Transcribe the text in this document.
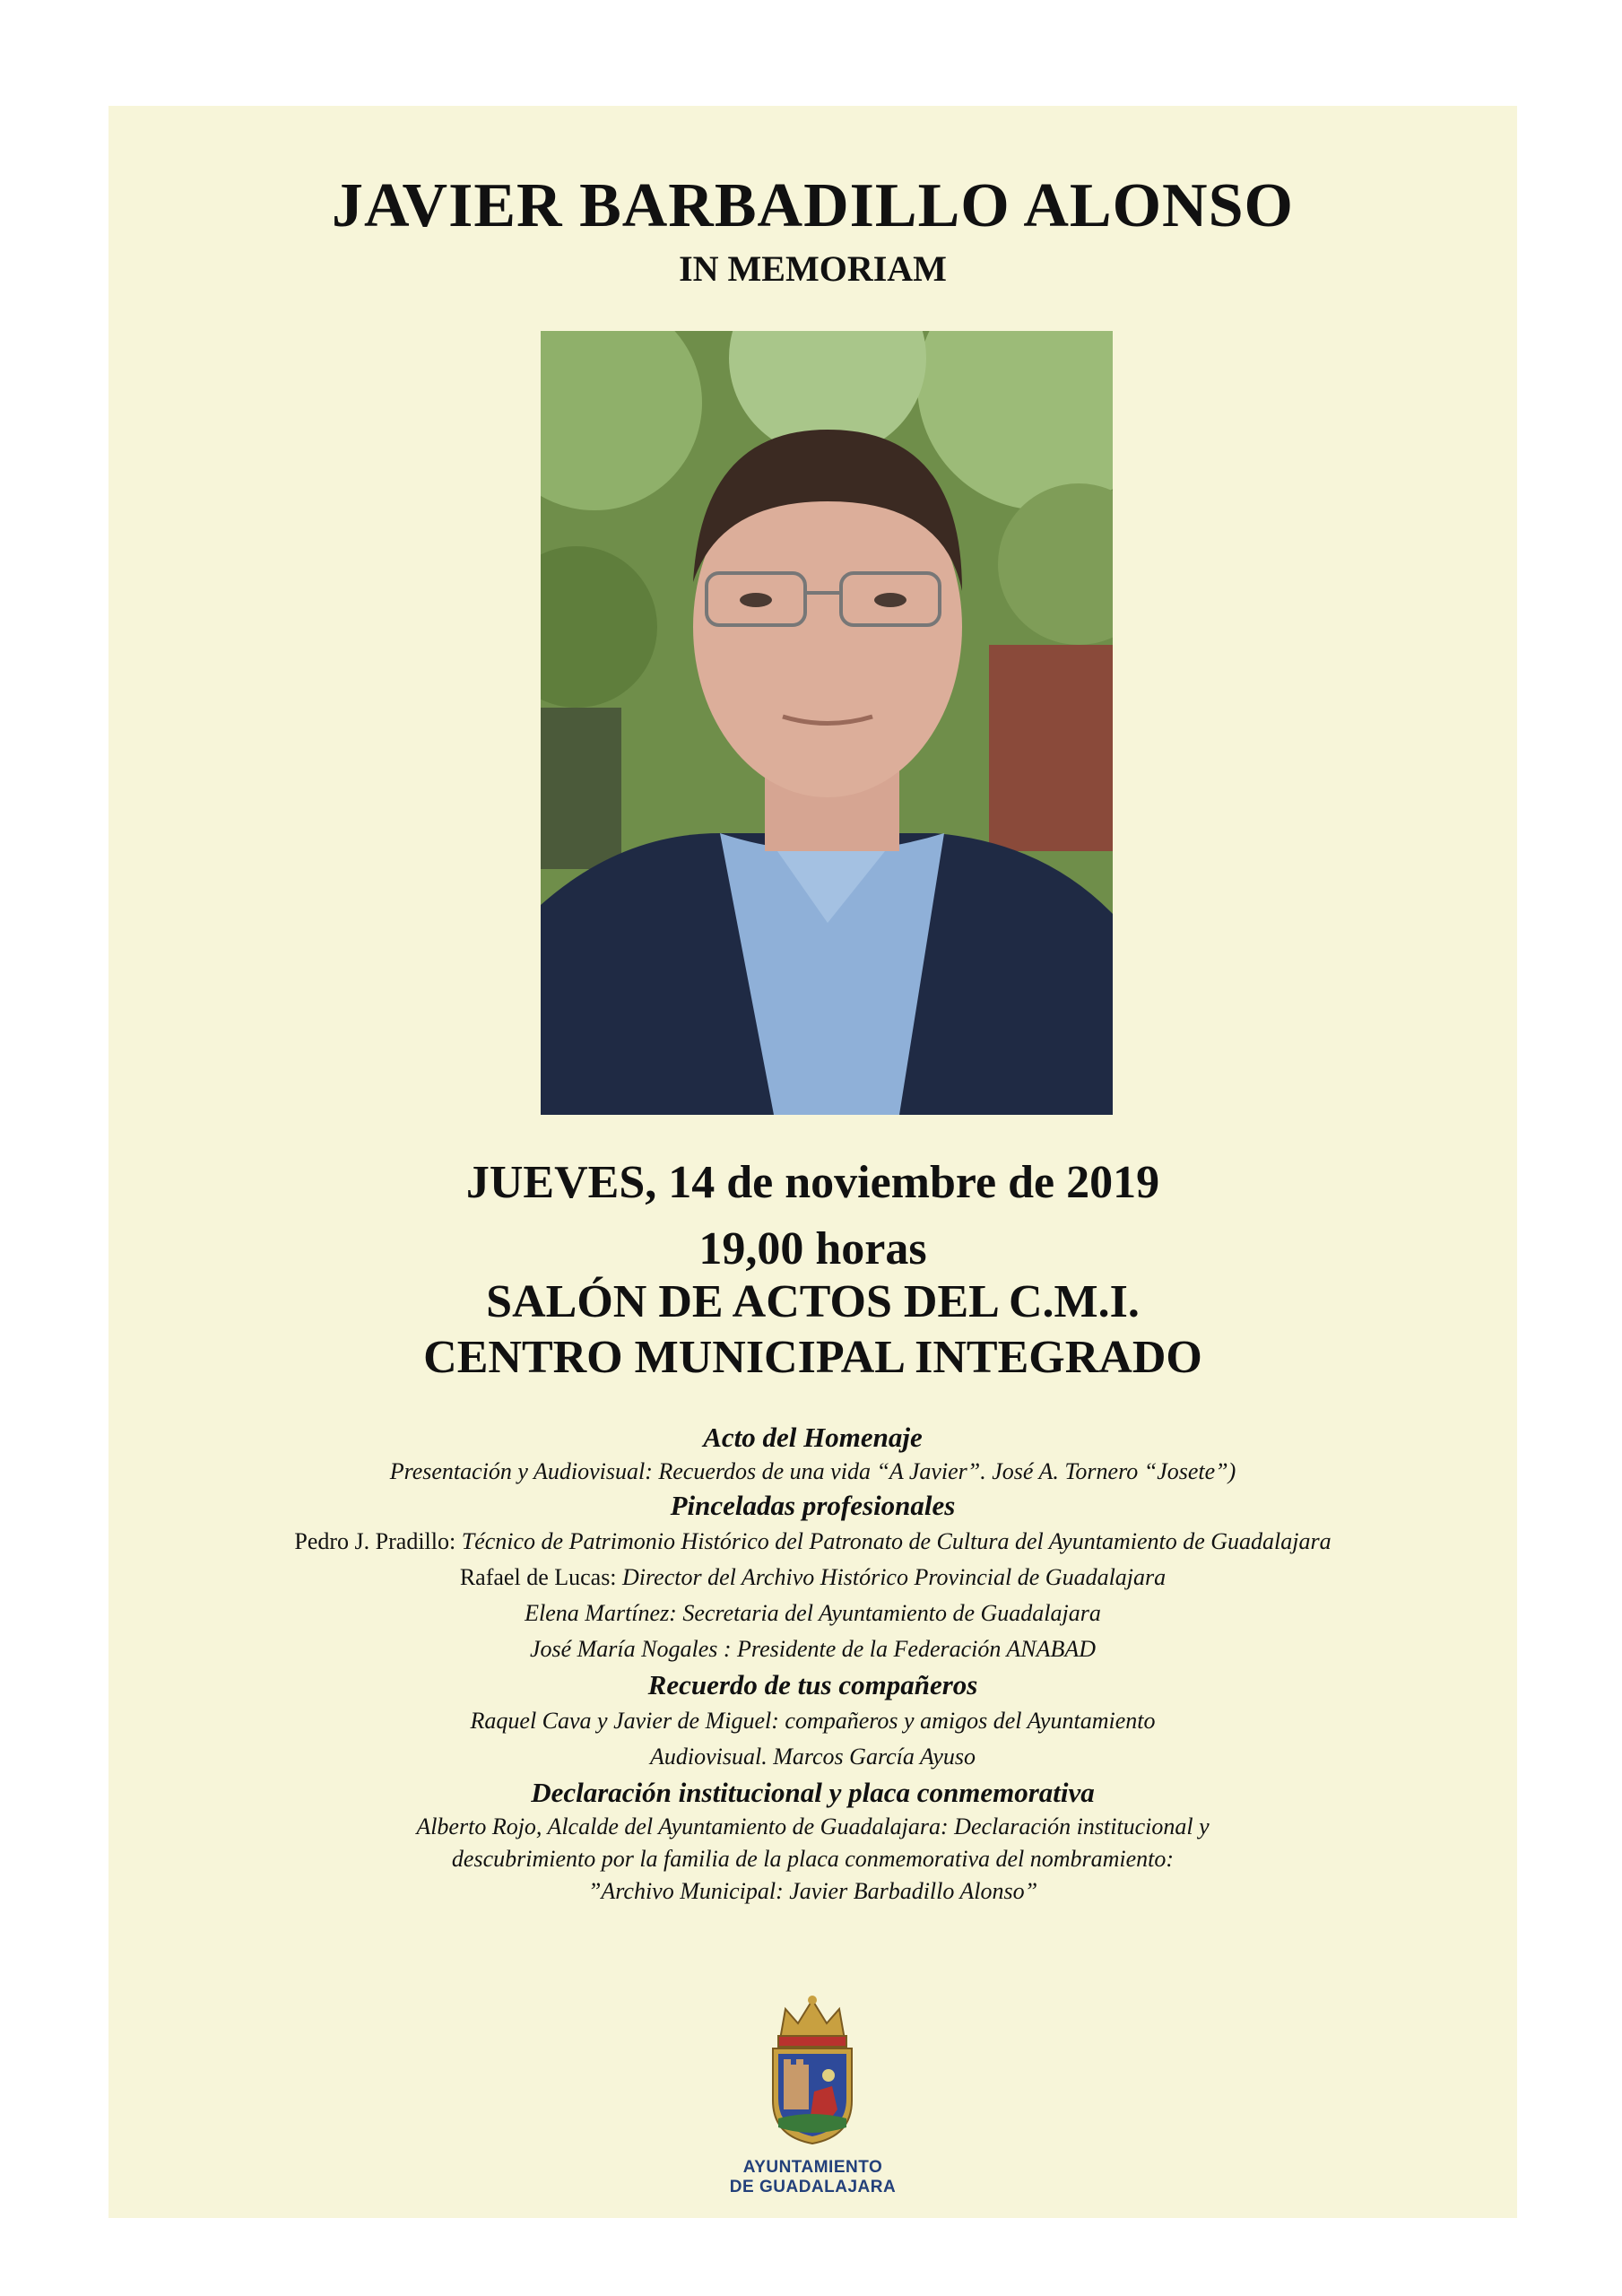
JAVIER BARBADILLO ALONSO
IN MEMORIAM
JUEVES, 14 de noviembre de 2019
19,00 horas
SALÓN DE ACTOS DEL C.M.I.
CENTRO MUNICIPAL INTEGRADO
Acto del Homenaje
Presentación y Audiovisual: Recuerdos de una vida “A Javier”. José A. Tornero “Josete”)
Pinceladas profesionales
Pedro J. Pradillo: Técnico de Patrimonio Histórico del Patronato de Cultura del Ayuntamiento de Guadalajara
Rafael de Lucas: Director del Archivo Histórico Provincial de Guadalajara
Elena Martínez: Secretaria del Ayuntamiento de Guadalajara
José María Nogales : Presidente de la Federación ANABAD
Recuerdo de tus compañeros
Raquel Cava y Javier de Miguel: compañeros y amigos del Ayuntamiento
Audiovisual. Marcos García Ayuso
Declaración institucional y placa conmemorativa
Alberto Rojo, Alcalde del Ayuntamiento de Guadalajara: Declaración institucional y
descubrimiento por la familia de la placa conmemorativa del nombramiento:
”Archivo Municipal: Javier Barbadillo Alonso”
AYUNTAMIENTO
DE GUADALAJARA
